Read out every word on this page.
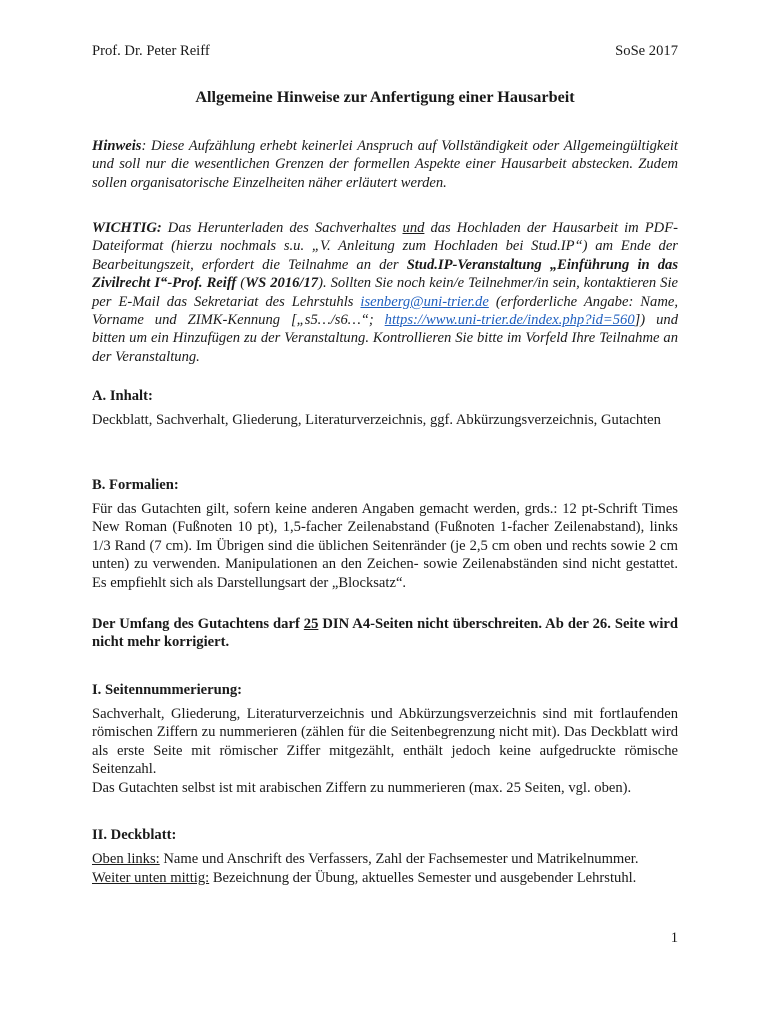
Prof. Dr. Peter Reiff	SoSe 2017
Allgemeine Hinweise zur Anfertigung einer Hausarbeit

Hinweis: Diese Aufzählung erhebt keinerlei Anspruch auf Vollständigkeit oder Allgemeingültigkeit und soll nur die wesentlichen Grenzen der formellen Aspekte einer Hausarbeit abstecken. Zudem sollen organisatorische Einzelheiten näher erläutert werden.

WICHTIG: Das Herunterladen des Sachverhaltes und das Hochladen der Hausarbeit im PDF-Dateiformat (hierzu nochmals s.u. „V. Anleitung zum Hochladen bei Stud.IP“) am Ende der Bearbeitungszeit, erfordert die Teilnahme an der Stud.IP-Veranstaltung „Einführung in das Zivilrecht I“-Prof. Reiff (WS 2016/17). Sollten Sie noch kein/e Teilnehmer/in sein, kontaktieren Sie per E-Mail das Sekretariat des Lehrstuhls isenberg@uni-trier.de (erforderliche Angabe: Name, Vorname und ZIMK-Kennung [„s5…/s6…“; https://www.uni-trier.de/index.php?id=560]) und bitten um ein Hinzufügen zu der Veranstaltung. Kontrollieren Sie bitte im Vorfeld Ihre Teilnahme an der Veranstaltung.

A. Inhalt:

Deckblatt, Sachverhalt, Gliederung, Literaturverzeichnis, ggf. Abkürzungsverzeichnis, Gutachten

B. Formalien:

Für das Gutachten gilt, sofern keine anderen Angaben gemacht werden, grds.: 12 pt-Schrift Times New Roman (Fußnoten 10 pt), 1,5-facher Zeilenabstand (Fußnoten 1-facher Zeilenabstand), links 1/3 Rand (7 cm). Im Übrigen sind die üblichen Seitenränder (je 2,5 cm oben und rechts sowie 2 cm unten) zu verwenden. Manipulationen an den Zeichen- sowie Zeilenabständen sind nicht gestattet. Es empfiehlt sich als Darstellungsart der „Blocksatz“.

Der Umfang des Gutachtens darf 25 DIN A4-Seiten nicht überschreiten. Ab der 26. Seite wird nicht mehr korrigiert.

I. Seitennummerierung:

Sachverhalt, Gliederung, Literaturverzeichnis und Abkürzungsverzeichnis sind mit fortlaufenden römischen Ziffern zu nummerieren (zählen für die Seitenbegrenzung nicht mit). Das Deckblatt wird als erste Seite mit römischer Ziffer mitgezählt, enthält jedoch keine aufgedruckte römische Seitenzahl.

Das Gutachten selbst ist mit arabischen Ziffern zu nummerieren (max. 25 Seiten, vgl. oben).

II. Deckblatt:

Oben links: Name und Anschrift des Verfassers, Zahl der Fachsemester und Matrikelnummer.

Weiter unten mittig: Bezeichnung der Übung, aktuelles Semester und ausgebender Lehrstuhl.

1
